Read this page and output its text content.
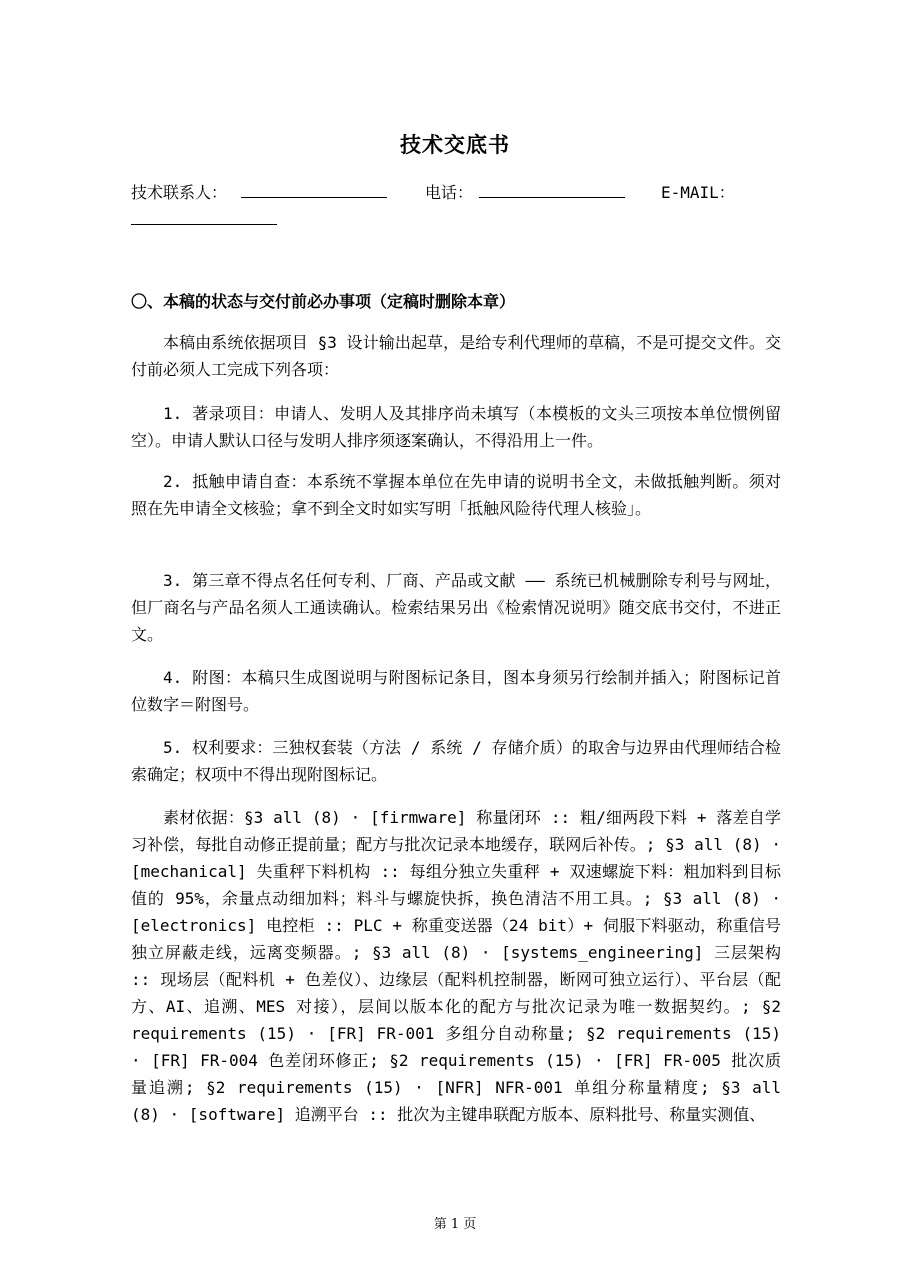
技术交底书
技术联系人：	电话：	E-MAIL：
〇、本稿的状态与交付前必办事项（定稿时删除本章）

本稿由系统依据项目 §3 设计输出起草，是给专利代理师的草稿，不是可提交文件。交付前必须人工完成下列各项：

1. 著录项目：申请人、发明人及其排序尚未填写（本模板的文头三项按本单位惯例留空）。申请人默认口径与发明人排序须逐案确认，不得沿用上一件。

2. 抵触申请自查：本系统不掌握本单位在先申请的说明书全文，未做抵触判断。须对照在先申请全文核验；拿不到全文时如实写明「抵触风险待代理人核验」。

3. 第三章不得点名任何专利、厂商、产品或文献 —— 系统已机械删除专利号与网址，但厂商名与产品名须人工通读确认。检索结果另出《检索情况说明》随交底书交付，不进正文。

4. 附图：本稿只生成图说明与附图标记条目，图本身须另行绘制并插入；附图标记首位数字＝附图号。

5. 权利要求：三独权套装（方法 / 系统 / 存储介质）的取舍与边界由代理师结合检索确定；权项中不得出现附图标记。

素材依据：§3 all (8) · [firmware] 称量闭环 :: 粗/细两段下料 + 落差自学习补偿，每批自动修正提前量；配方与批次记录本地缓存，联网后补传。; §3 all (8) · [mechanical] 失重秤下料机构 :: 每组分独立失重秤 + 双速螺旋下料：粗加料到目标值的 95%，余量点动细加料；料斗与螺旋快拆，换色清洁不用工具。; §3 all (8) · [electronics] 电控柜 :: PLC + 称重变送器（24 bit）+ 伺服下料驱动，称重信号独立屏蔽走线，远离变频器。; §3 all (8) · [systems_engineering] 三层架构 :: 现场层（配料机 + 色差仪）、边缘层（配料机控制器，断网可独立运行）、平台层（配方、AI、追溯、MES 对接），层间以版本化的配方与批次记录为唯一数据契约。; §2 requirements (15) · [FR] FR-001 多组分自动称量; §2 requirements (15) · [FR] FR-004 色差闭环修正; §2 requirements (15) · [FR] FR-005 批次质量追溯; §2 requirements (15) · [NFR] NFR-001 单组分称量精度; §3 all (8) · [software] 追溯平台 :: 批次为主键串联配方版本、原料批号、称量实测值、

第 1 页
